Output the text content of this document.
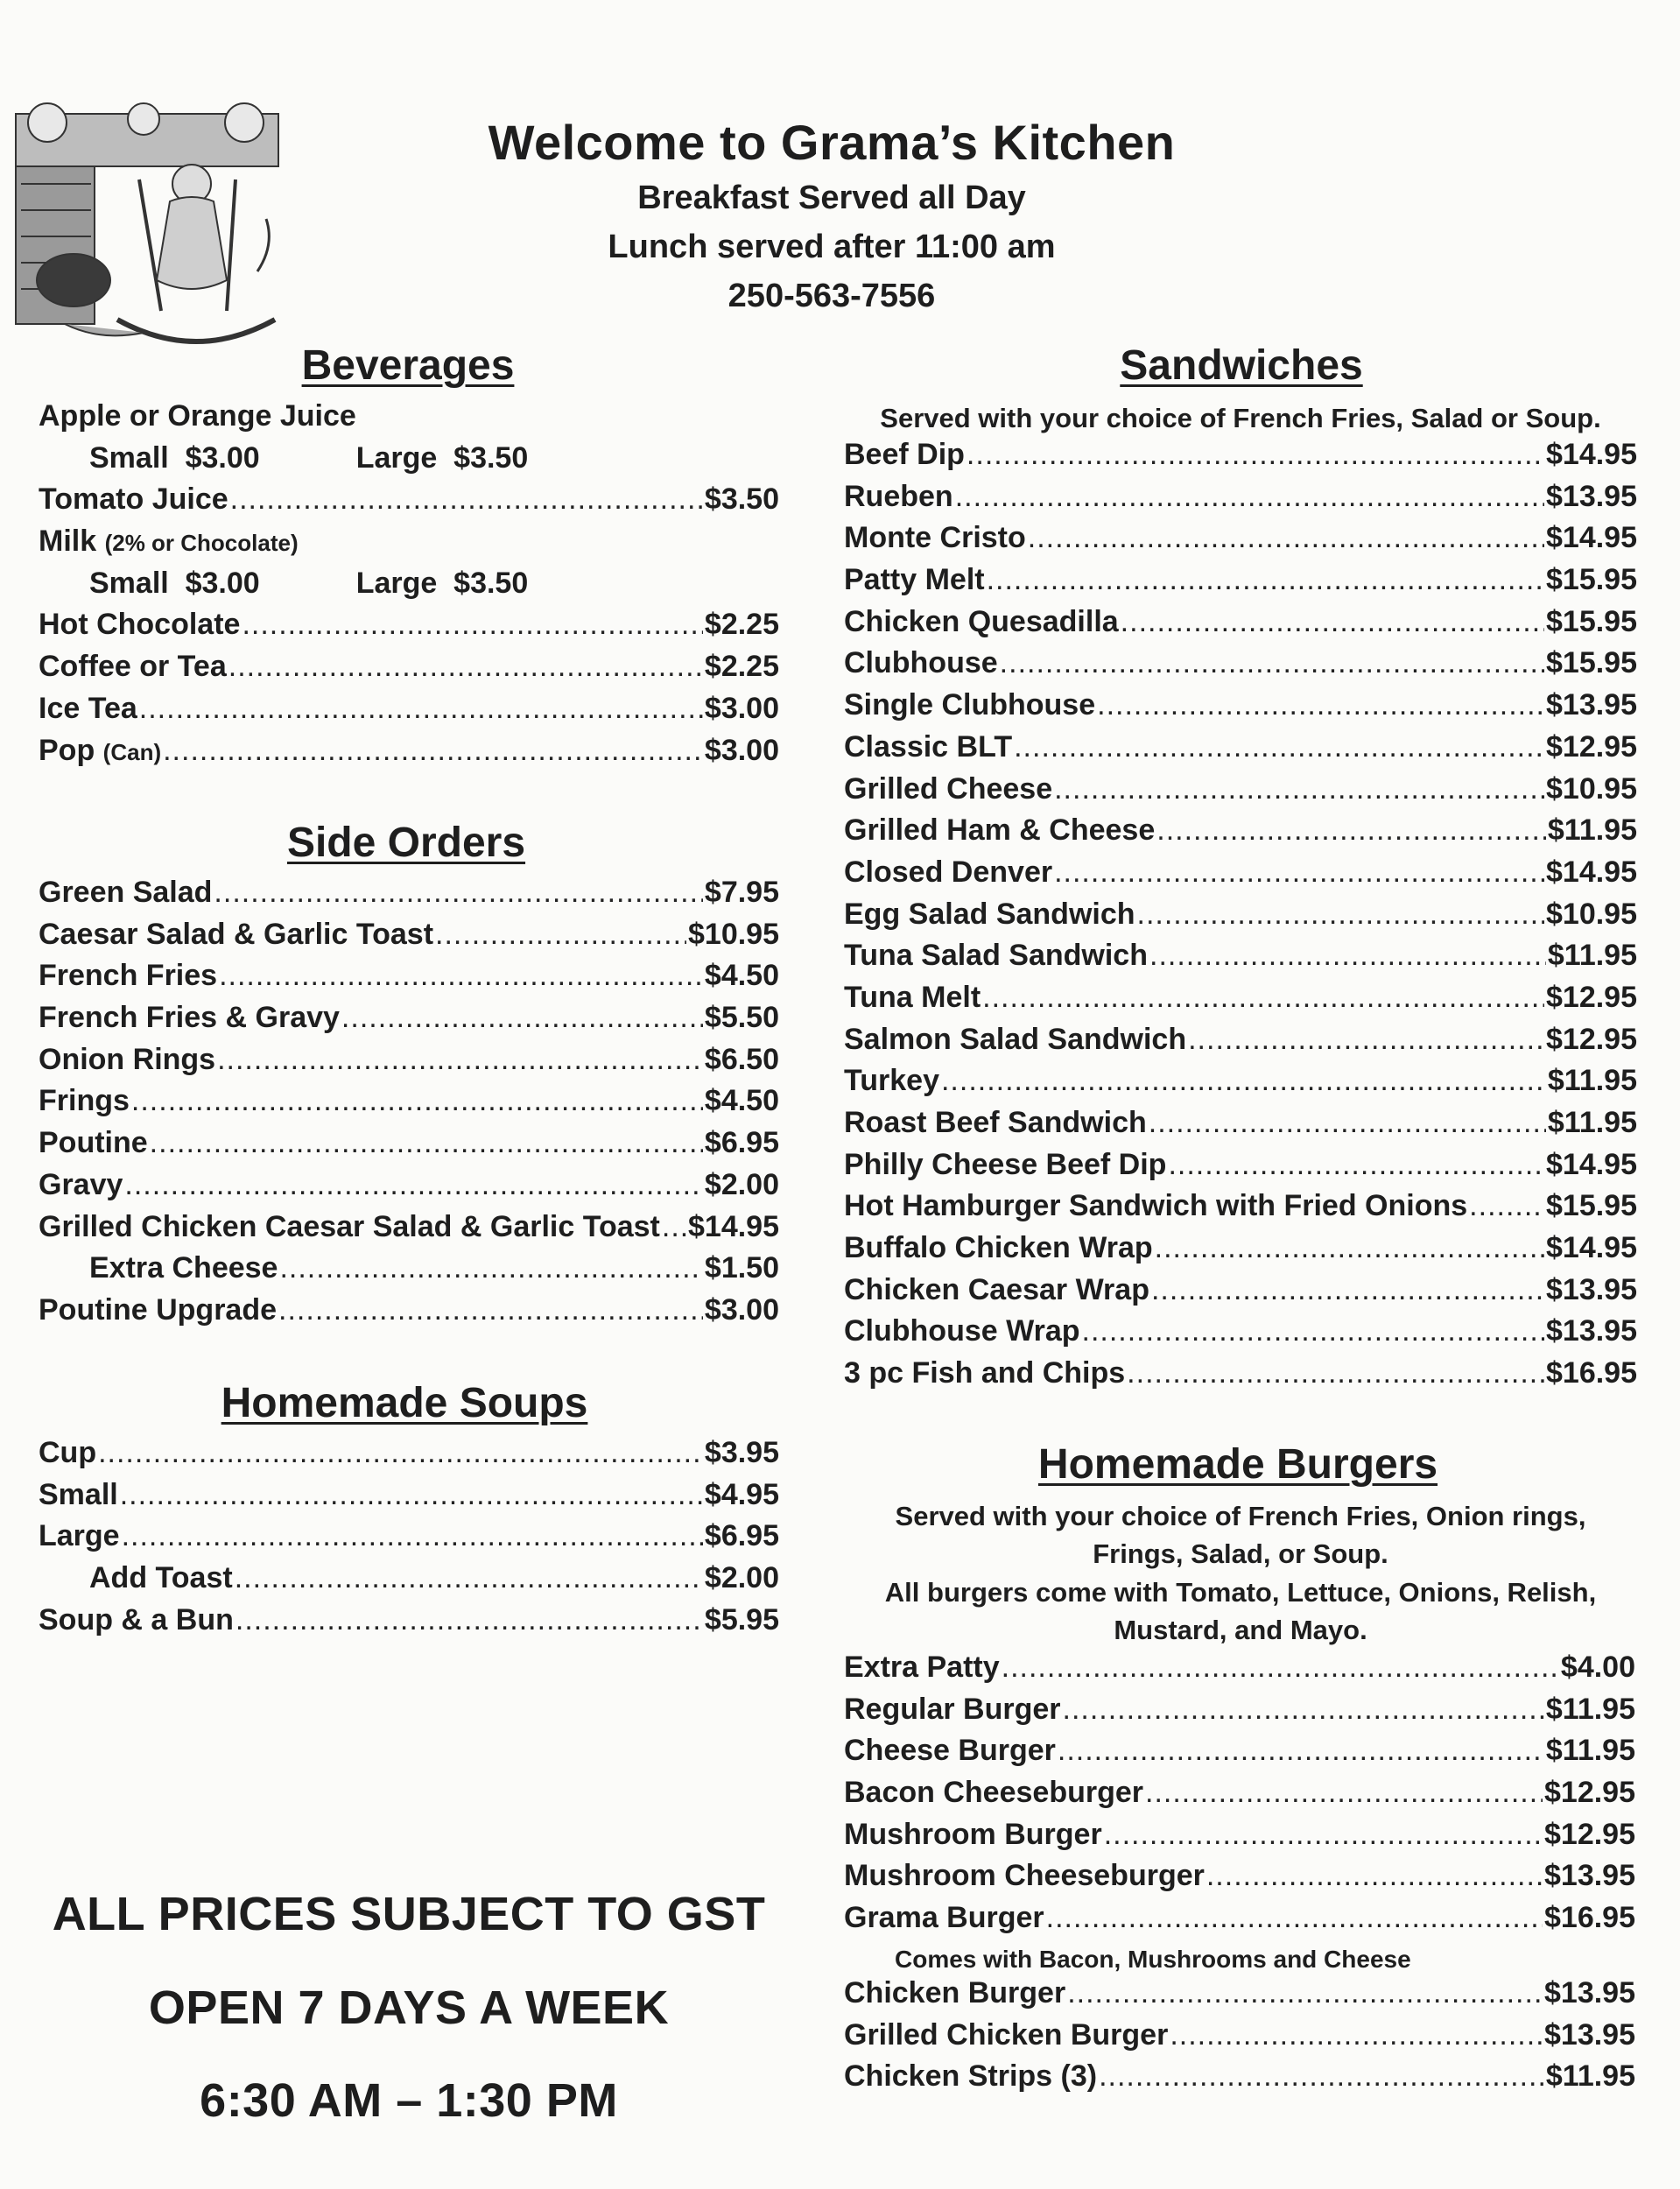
Welcome to Grama’s Kitchen
Breakfast Served all Day
Lunch served after 11:00 am
250-563-7556
Beverages
Apple or Orange Juice
Small  $3.00	Large  $3.50
Tomato Juice .....	$3.50
Milk (2% or Chocolate)
Small  $3.00	Large  $3.50
Hot Chocolate .....	$2.25
Coffee or Tea .....	$2.25
Ice Tea .....	$3.00
Pop (Can) .....	$3.00
Side Orders
Green Salad .....	$7.95
Caesar Salad & Garlic Toast .....	$10.95
French Fries .....	$4.50
French Fries & Gravy .....	$5.50
Onion Rings .....	$6.50
Frings .....	$4.50
Poutine .....	$6.95
Gravy .....	$2.00
Grilled Chicken Caesar Salad & Garlic Toast ..... $14.95
Extra Cheese .....	$1.50
Poutine Upgrade .....	$3.00
Homemade Soups
Cup .....	$3.95
Small .....	$4.95
Large .....	$6.95
Add Toast .....	$2.00
Soup & a Bun .....	$5.95
ALL PRICES SUBJECT TO GST
OPEN 7 DAYS A WEEK
6:30 AM – 1:30 PM
Sandwiches
Served with your choice of French Fries, Salad or Soup.
Beef Dip .....	$14.95
Rueben .....	$13.95
Monte Cristo .....	$14.95
Patty Melt .....	$15.95
Chicken Quesadilla .....	$15.95
Clubhouse .....	$15.95
Single Clubhouse .....	$13.95
Classic BLT .....	$12.95
Grilled Cheese .....	$10.95
Grilled Ham & Cheese .....	$11.95
Closed Denver .....	$14.95
Egg Salad Sandwich .....	$10.95
Tuna Salad Sandwich .....	$11.95
Tuna Melt .....	$12.95
Salmon Salad Sandwich .....	$12.95
Turkey .....	$11.95
Roast Beef Sandwich .....	$11.95
Philly Cheese Beef Dip .....	$14.95
Hot Hamburger Sandwich with Fried Onions .....	$15.95
Buffalo Chicken Wrap .....	$14.95
Chicken Caesar Wrap .....	$13.95
Clubhouse Wrap .....	$13.95
3 pc Fish and Chips .....	$16.95
Homemade Burgers
Served with your choice of French Fries, Onion rings, Frings, Salad, or Soup.
All burgers come with Tomato, Lettuce, Onions, Relish, Mustard, and Mayo.
Extra Patty .....	$4.00
Regular Burger .....	$11.95
Cheese Burger .....	$11.95
Bacon Cheeseburger .....	$12.95
Mushroom Burger .....	$12.95
Mushroom Cheeseburger .....	$13.95
Grama Burger .....	$16.95
Comes with Bacon, Mushrooms and Cheese
Chicken Burger .....	$13.95
Grilled Chicken Burger .....	$13.95
Chicken Strips (3) .....	$11.95
